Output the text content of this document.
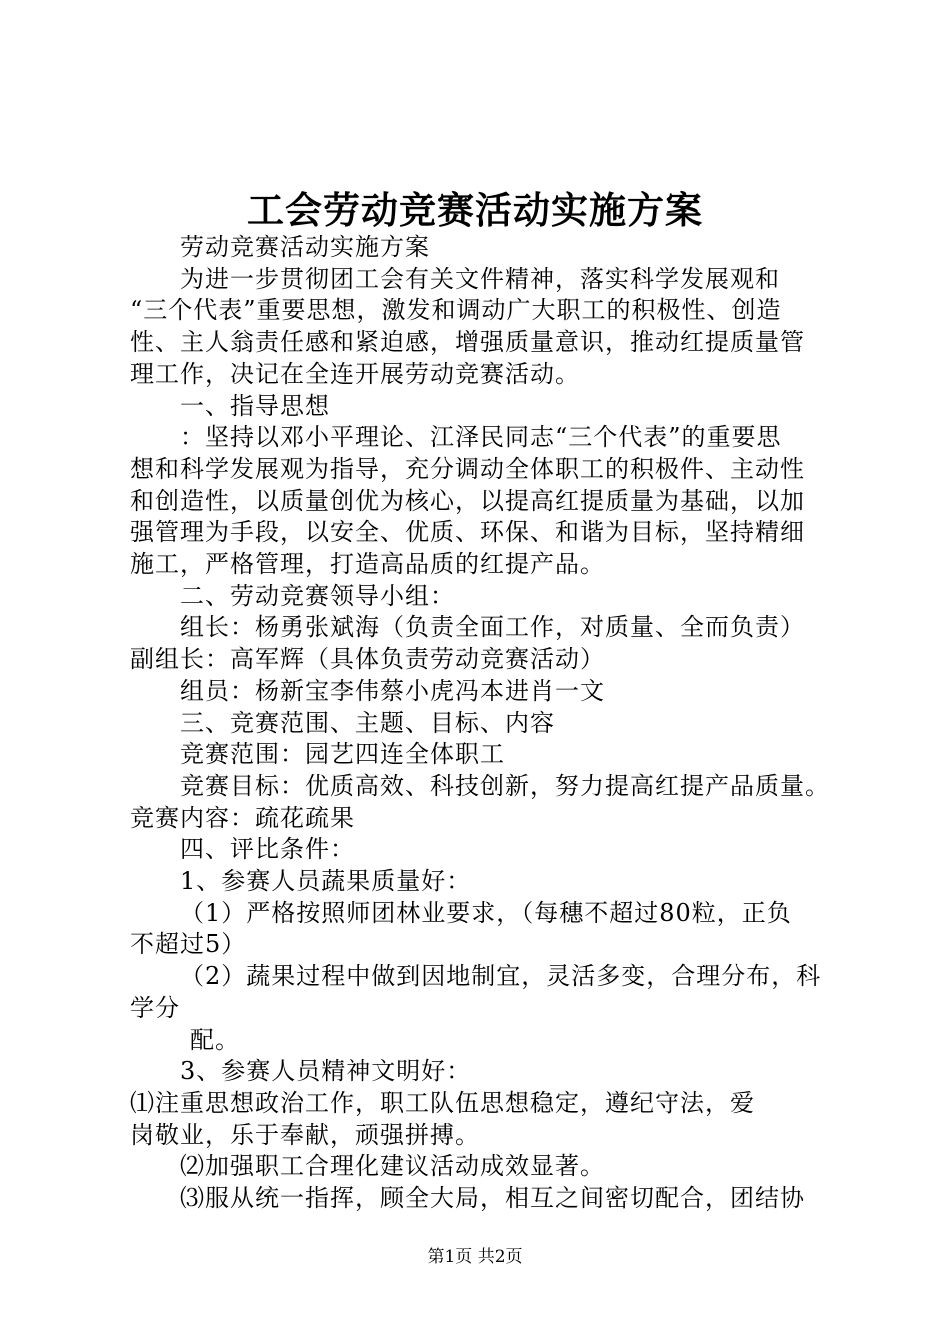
工会劳动竞赛活动实施方案
劳动竞赛活动实施方案
为进一步贯彻团工会有关文件精神，落实科学发展观和
“三个代表”重要思想，激发和调动广大职工的积极性、创造
性、主人翁责任感和紧迫感，增强质量意识，推动红提质量管
理工作，决记在全连开展劳动竞赛活动。
一、指导思想
：坚持以邓小平理论、江泽民同志“三个代表”的重要思
想和科学发展观为指导，充分调动全体职工的积极件、主动性
和创造性，以质量创优为核心，以提高红提质量为基础，以加
强管理为手段，以安全、优质、环保、和谐为目标，坚持精细
施工，严格管理，打造高品质的红提产品。
二、劳动竞赛领导小组：
组长：杨勇张斌海（负责全面工作，对质量、全而负责）
副组长：高军辉（具体负责劳动竞赛活动）
组员：杨新宝李伟蔡小虎冯本进肖一文
三、竞赛范围、主题、目标、内容
竞赛范围：园艺四连全体职工
竞赛目标：优质高效、科技创新，努力提高红提产品质量。
竞赛内容：疏花疏果
四、评比条件：
1、参赛人员蔬果质量好：
（1）严格按照师团林业要求，（每穗不超过80粒，正负
不超过5）
（2）蔬果过程中做到因地制宜，灵活多变，合理分布，科
学分
配。
3、参赛人员精神文明好：
⑴注重思想政治工作，职工队伍思想稳定，遵纪守法，爱
岗敬业，乐于奉献，顽强拼搏。
⑵加强职工合理化建议活动成效显著。
⑶服从统一指挥，顾全大局，相互之间密切配合，团结协
第1页 共2页
